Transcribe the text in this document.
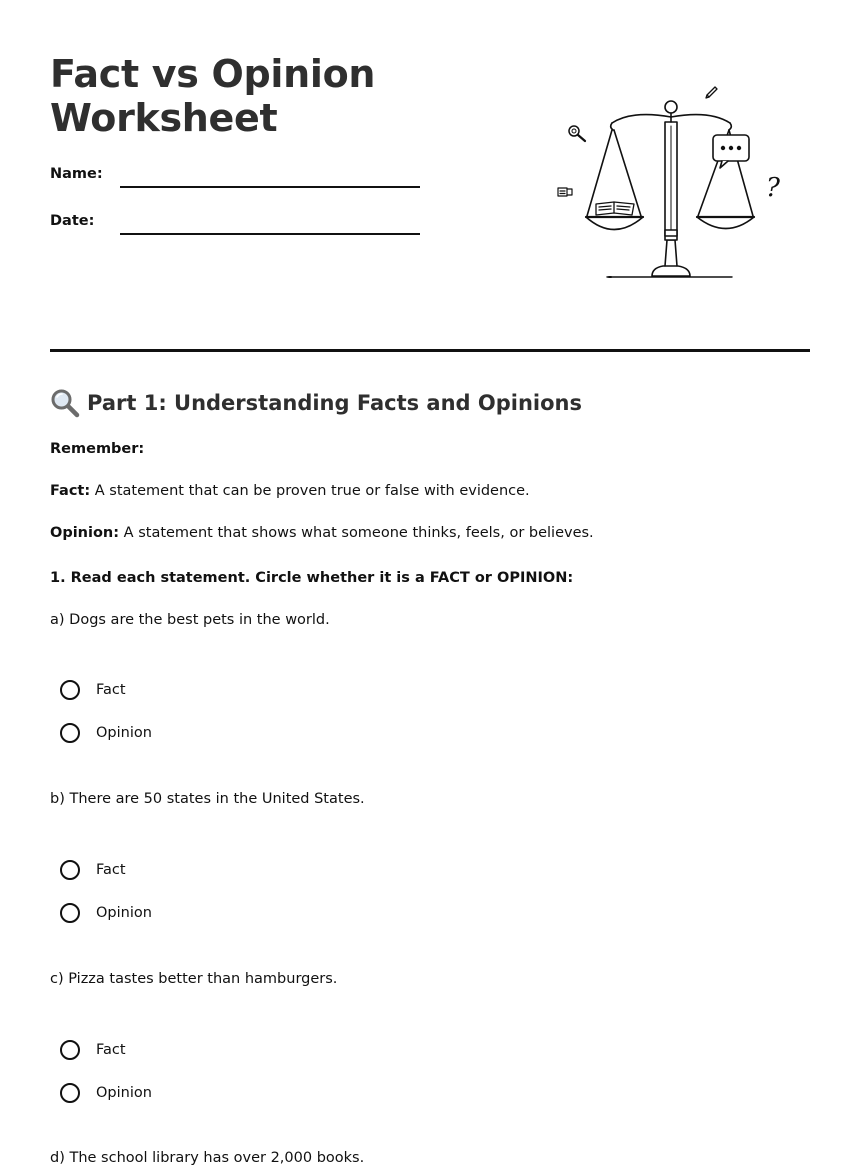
Fact vs Opinion
Worksheet
Name:
Date:
?
Part 1: Understanding Facts and Opinions
Remember:
Fact: A statement that can be proven true or false with evidence.
Opinion: A statement that shows what someone thinks, feels, or believes.
1. Read each statement. Circle whether it is a FACT or OPINION:
a) Dogs are the best pets in the world.
Fact
Opinion
b) There are 50 states in the United States.
Fact
Opinion
c) Pizza tastes better than hamburgers.
Fact
Opinion
d) The school library has over 2,000 books.
